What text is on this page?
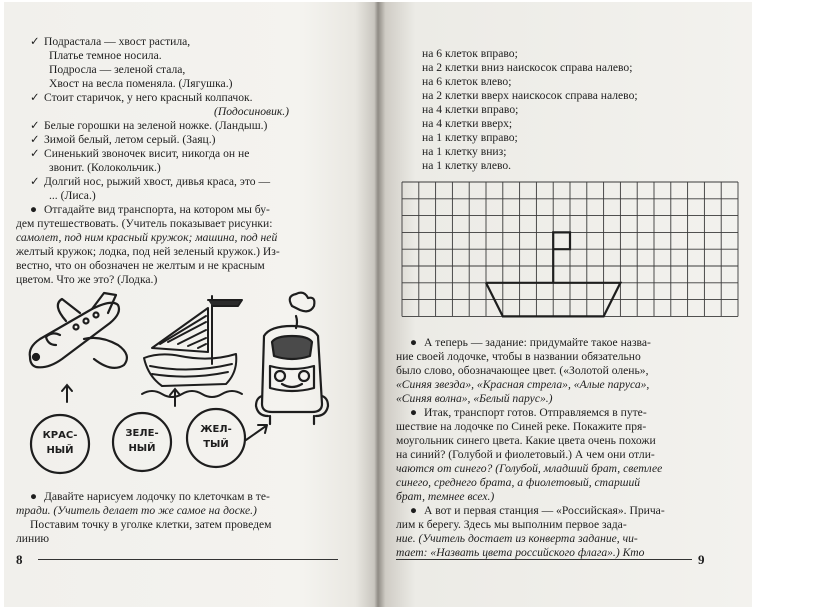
✓ Подрастала — хвост растила,
Платье темное носила.
Подросла — зеленой стала,
Хвост на весла поменяла. (Лягушка.)
✓ Стоит старичок, у него красный колпачок.
(Подосиновик.)
✓ Белые горошки на зеленой ножке. (Ландыш.)
✓ Зимой белый, летом серый. (Заяц.)
✓ Синенький звоночек висит, никогда он не
звонит. (Колокольчик.)
✓ Долгий нос, рыжий хвост, дивья краса, это —
... (Лиса.)
● Отгадайте вид транспорта, на котором мы бу-
дем путешествовать. (Учитель показывает рисунки:
самолет, под ним красный кружок; машина, под ней
желтый кружок; лодка, под ней зеленый кружок.) Из-
вестно, что он обозначен не желтым и не красным
цветом. Что же это? (Лодка.)
КРАС-
НЫЙ
ЗЕЛЕ-
НЫЙ
ЖЕЛ-
ТЫЙ
● Давайте нарисуем лодочку по клеточкам в те-
тради. (Учитель делает то же самое на доске.)
Поставим точку в уголке клетки, затем проведем
линию
8
на 6 клеток вправо;
на 2 клетки вниз наискосок справа налево;
на 6 клеток влево;
на 2 клетки вверх наискосок справа налево;
на 4 клетки вправо;
на 4 клетки вверх;
на 1 клетку вправо;
на 1 клетку вниз;
на 1 клетку влево.
● А теперь — задание: придумайте такое назва-
ние своей лодочке, чтобы в названии обязательно
было слово, обозначающее цвет. («Золотой олень»,
«Синяя звезда», «Красная стрела», «Алые паруса»,
«Синяя волна», «Белый парус».)
● Итак, транспорт готов. Отправляемся в путе-
шествие на лодочке по Синей реке. Покажите пря-
моугольник синего цвета. Какие цвета очень похожи
на синий? (Голубой и фиолетовый.) А чем они отли-
чаются от синего? (Голубой, младший брат, светлее
синего, среднего брата, а фиолетовый, старший
брат, темнее всех.)
● А вот и первая станция — «Российская». Прича-
лим к берегу. Здесь мы выполним первое зада-
ние. (Учитель достает из конверта задание, чи-
тает: «Назвать цвета российского флага».) Кто	9
